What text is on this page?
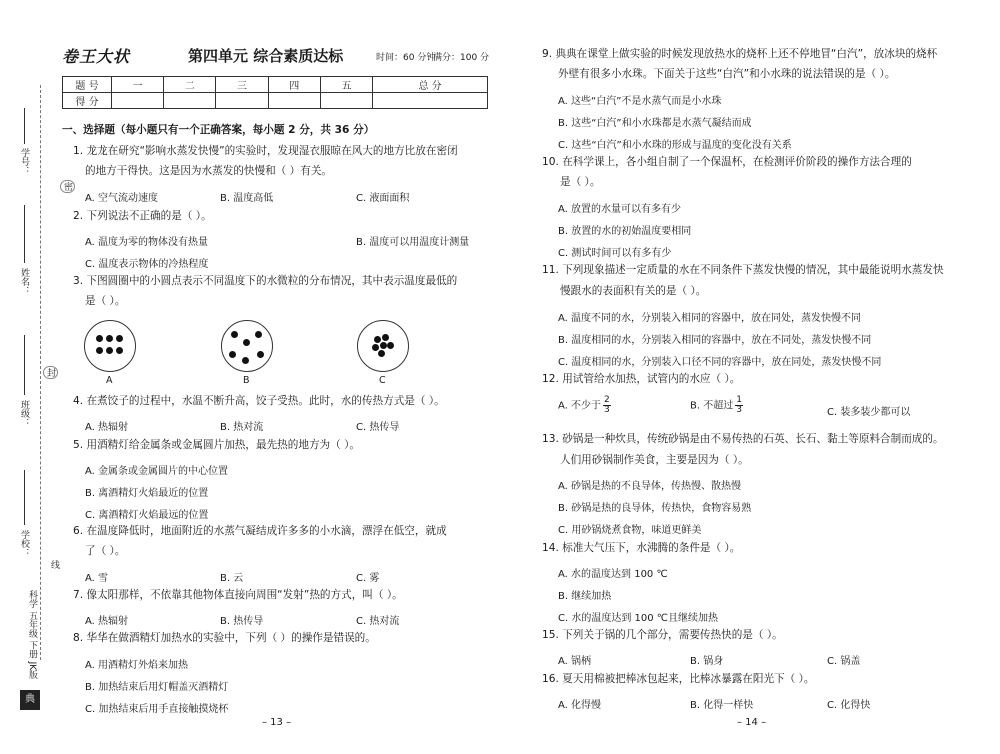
学号：
姓名：
班级：
学校：
密
封
线
典
科学 五年级 下册 JK版
卷王大状	第四单元 综合素质达标	时间：60 分钟
满分：100 分
题 号	一	二	三	四	五	总 分
得 分						
一、选择题（每小题只有一个正确答案，每小题 2 分，共 36 分）
1. 龙龙在研究“影响水蒸发快慢”的实验时，发现湿衣服晾在风大的地方比放在密闭
的地方干得快。这是因为水蒸发的快慢和（ ）有关。
A. 空气流动速度	B. 温度高低	C. 液面面积
2. 下列说法不正确的是（ ）。
A. 温度为零的物体没有热量	B. 温度可以用温度计测量
C. 温度表示物体的冷热程度
3. 下图圆圈中的小圆点表示不同温度下的水微粒的分布情况，其中表示温度最低的
是（ ）。
A	B	C
4. 在煮饺子的过程中，水温不断升高，饺子受热。此时，水的传热方式是（ ）。
A. 热辐射	B. 热对流	C. 热传导
5. 用酒精灯给金属条或金属圆片加热，最先热的地方为（ ）。
A. 金属条或金属圆片的中心位置
B. 离酒精灯火焰最近的位置
C. 离酒精灯火焰最远的位置
6. 在温度降低时，地面附近的水蒸气凝结成许多多的小水滴，漂浮在低空，就成
了（ ）。
A. 雪	B. 云	C. 雾
7. 像太阳那样，不依靠其他物体直接向周围“发射”热的方式，叫（ ）。
A. 热辐射	B. 热传导	C. 热对流
8. 华华在做酒精灯加热水的实验中，下列（ ）的操作是错误的。
A. 用酒精灯外焰来加热
B. 加热结束后用灯帽盖灭酒精灯
C. 加热结束后用手直接触摸烧杯
– 13 –
9. 典典在课堂上做实验的时候发现放热水的烧杯上还不停地冒“白汽”，放冰块的烧杯
外壁有很多小水珠。下面关于这些“白汽”和小水珠的说法错误的是（ ）。
A. 这些“白汽”不是水蒸气而是小水珠
B. 这些“白汽”和小水珠都是水蒸气凝结而成
C. 这些“白汽”和小水珠的形成与温度的变化没有关系
10. 在科学课上，各小组自制了一个保温杯，在检测评价阶段的操作方法合理的
是（ ）。
A. 放置的水量可以有多有少
B. 放置的水的初始温度要相同
C. 测试时间可以有多有少
11. 下列现象描述一定质量的水在不同条件下蒸发快慢的情况，其中最能说明水蒸发快
慢跟水的表面积有关的是（ ）。
A. 温度不同的水，分别装入相同的容器中，放在同处，蒸发快慢不同
B. 温度相同的水，分别装入相同的容器中，放在不同处，蒸发快慢不同
C. 温度相同的水，分别装入口径不同的容器中，放在同处，蒸发快慢不同
12. 用试管给水加热，试管内的水应（ ）。
A. 不少于 $\frac{2}{3}$	B. 不超过 $\frac{1}{3}$	C. 装多装少都可以
13. 砂锅是一种炊具，传统砂锅是由不易传热的石英、长石、黏土等原料合制而成的。
人们用砂锅制作美食，主要是因为（ ）。
A. 砂锅是热的不良导体，传热慢、散热慢
B. 砂锅是热的良导体，传热快，食物容易熟
C. 用砂锅烧煮食物，味道更鲜美
14. 标准大气压下，水沸腾的条件是（ ）。
A. 水的温度达到 100 ℃
B. 继续加热
C. 水的温度达到 100 ℃且继续加热
15. 下列关于锅的几个部分，需要传热快的是（ ）。
A. 锅柄	B. 锅身	C. 锅盖
16. 夏天用棉被把棒冰包起来，比棒冰暴露在阳光下（ ）。
A. 化得慢	B. 化得一样快	C. 化得快
– 14 –
